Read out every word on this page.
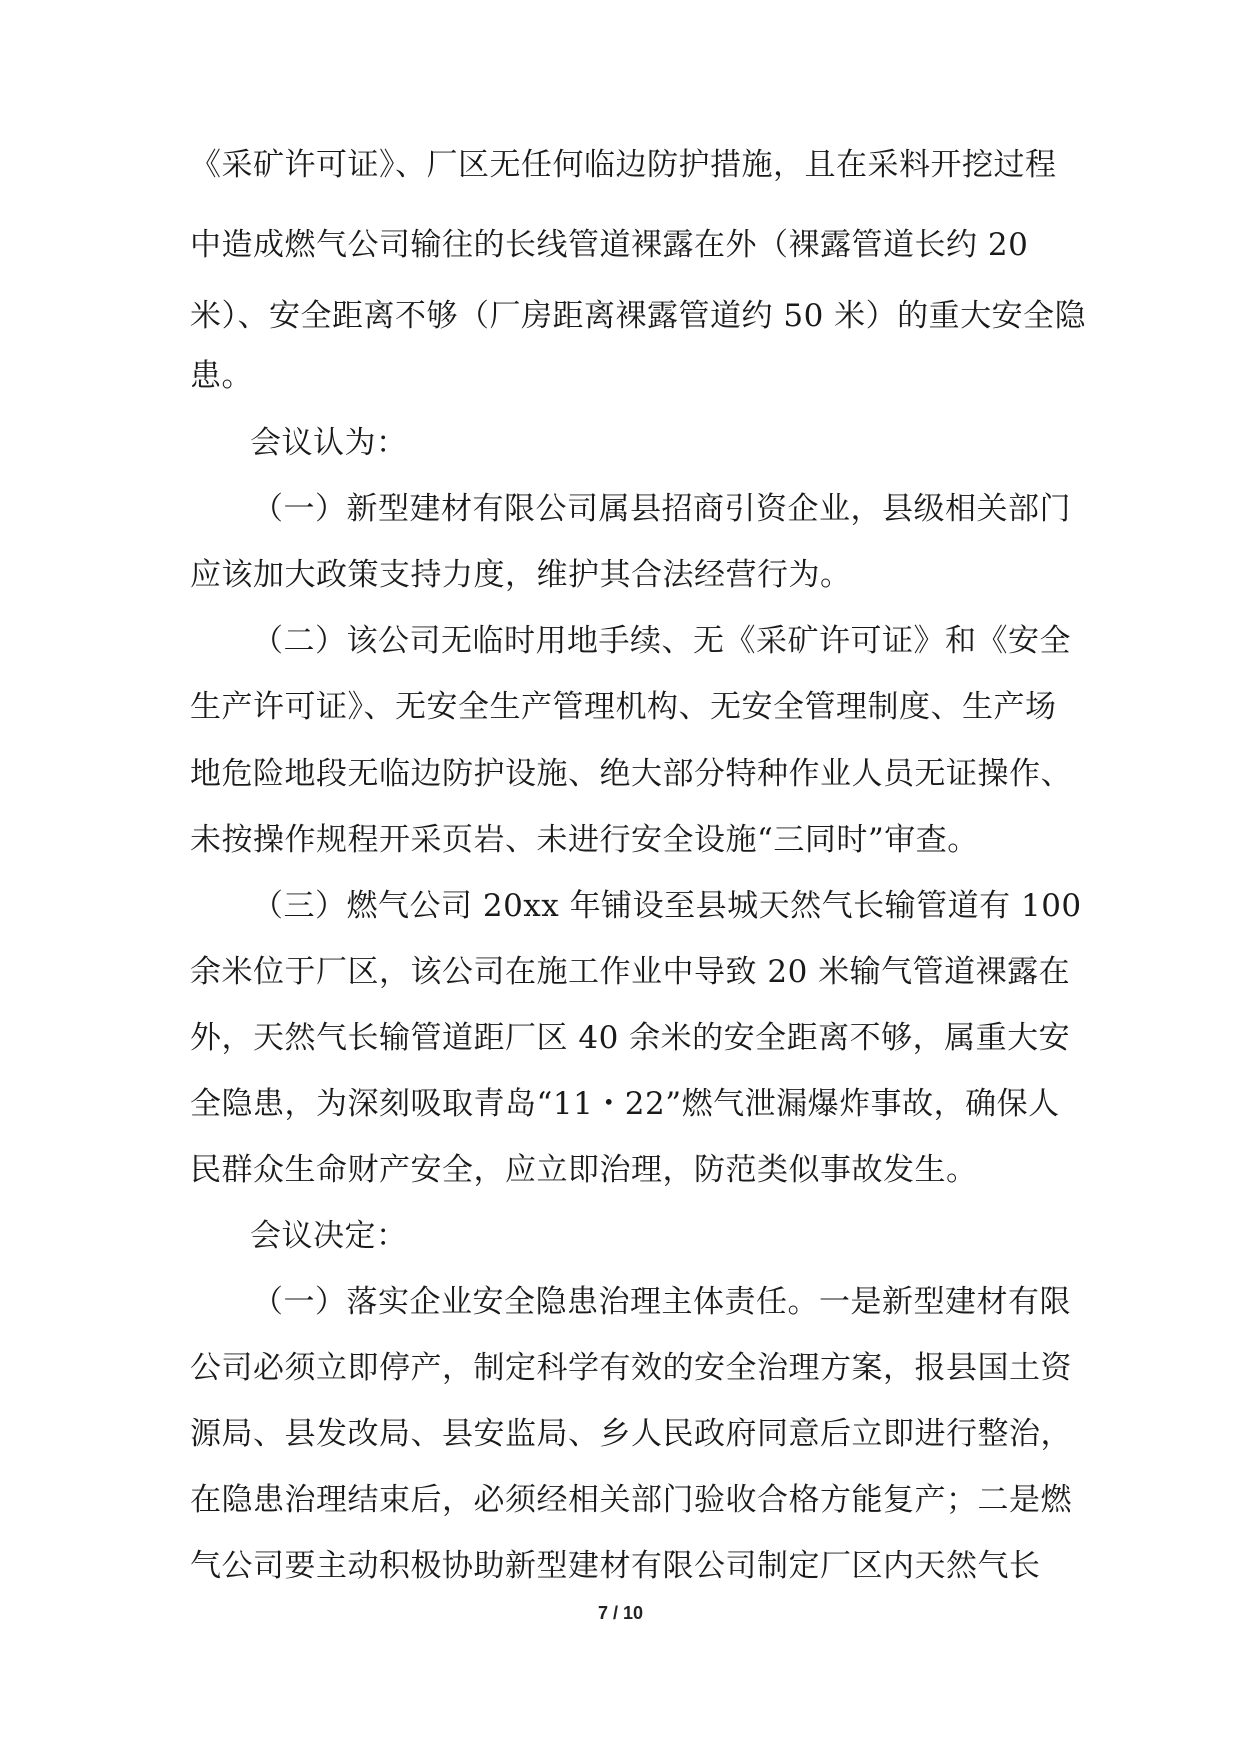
《采矿许可证》、厂区无任何临边防护措施，且在采料开挖过程
中造成燃气公司输往的长线管道裸露在外（裸露管道长约 20
米）、安全距离不够（厂房距离裸露管道约 50 米）的重大安全隐
患。
会议认为：
（一）新型建材有限公司属县招商引资企业，县级相关部门
应该加大政策支持力度，维护其合法经营行为。
（二）该公司无临时用地手续、无《采矿许可证》和《安全
生产许可证》、无安全生产管理机构、无安全管理制度、生产场
地危险地段无临边防护设施、绝大部分特种作业人员无证操作、
未按操作规程开采页岩、未进行安全设施“三同时”审查。
（三）燃气公司 20xx 年铺设至县城天然气长输管道有 100
余米位于厂区，该公司在施工作业中导致 20 米输气管道裸露在
外，天然气长输管道距厂区 40 余米的安全距离不够，属重大安
全隐患，为深刻吸取青岛“11・22”燃气泄漏爆炸事故，确保人
民群众生命财产安全，应立即治理，防范类似事故发生。
会议决定：
（一）落实企业安全隐患治理主体责任。一是新型建材有限
公司必须立即停产，制定科学有效的安全治理方案，报县国土资
源局、县发改局、县安监局、乡人民政府同意后立即进行整治，
在隐患治理结束后，必须经相关部门验收合格方能复产；二是燃
气公司要主动积极协助新型建材有限公司制定厂区内天然气长
7 / 10
